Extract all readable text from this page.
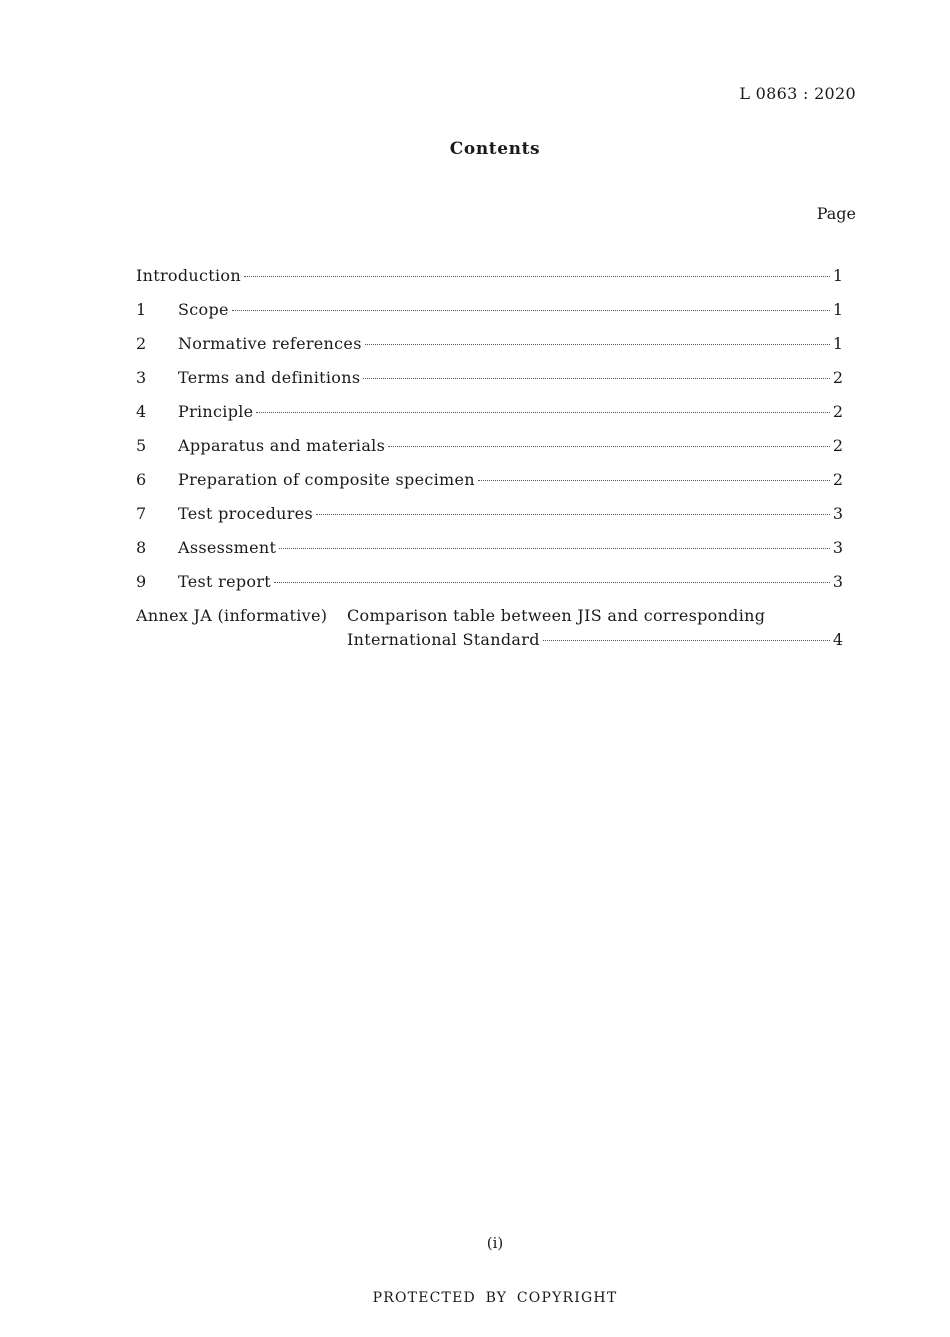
L 0863 : 2020
Contents
Page
Introduction	1
1	Scope	1
2	Normative references	1
3	Terms and definitions	2
4	Principle	2
5	Apparatus and materials	2
6	Preparation of composite specimen	2
7	Test procedures	3
8	Assessment	3
9	Test report	3
Annex JA (informative)	Comparison table between JIS and corresponding
International Standard	4
(i)
PROTECTED BY COPYRIGHT
